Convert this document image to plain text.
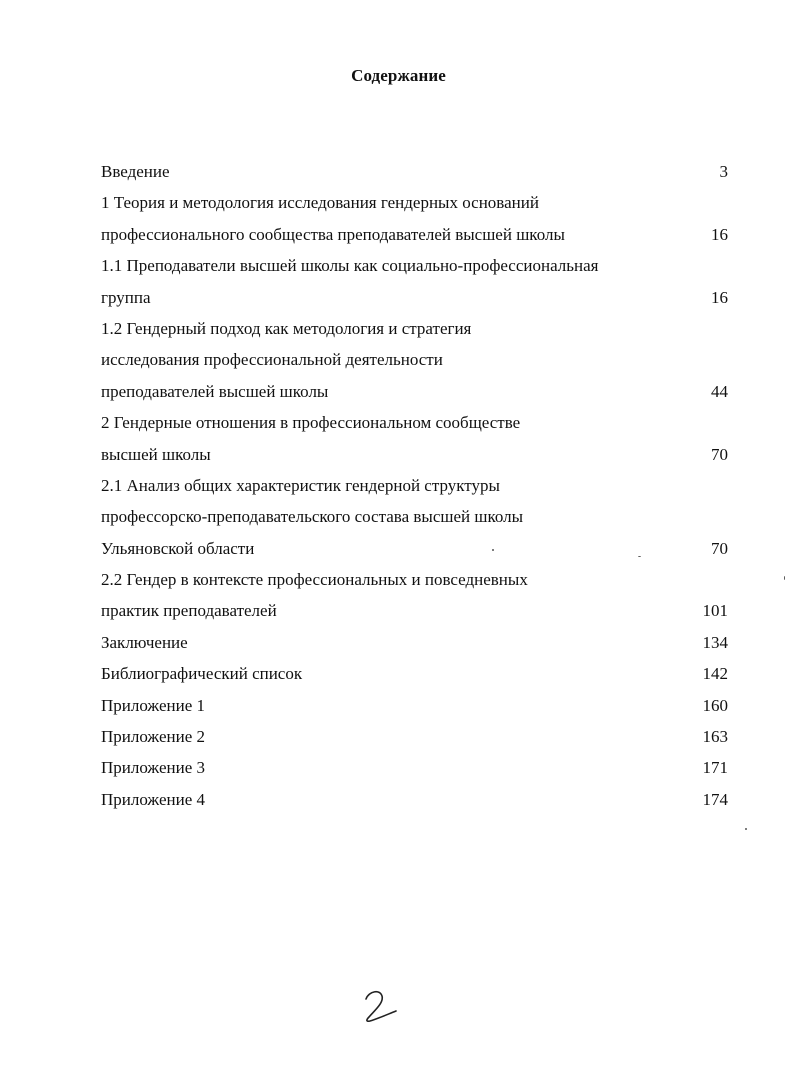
Содержание
Введение	3
1 Теория и методология исследования гендерных оснований
профессионального сообщества преподавателей высшей школы	16
1.1 Преподаватели высшей школы как социально-профессиональная
группа	16
1.2 Гендерный подход как методология и стратегия
исследования профессиональной деятельности
преподавателей высшей школы	44
2 Гендерные отношения в профессиональном сообществе
высшей школы	70
2.1 Анализ общих характеристик гендерной структуры
профессорско-преподавательского состава высшей школы
Ульяновской области	70
2.2 Гендер в контексте профессиональных и повседневных
практик преподавателей	101
Заключение	134
Библиографический список	142
Приложение 1	160
Приложение 2	163
Приложение 3	171
Приложение 4	174
